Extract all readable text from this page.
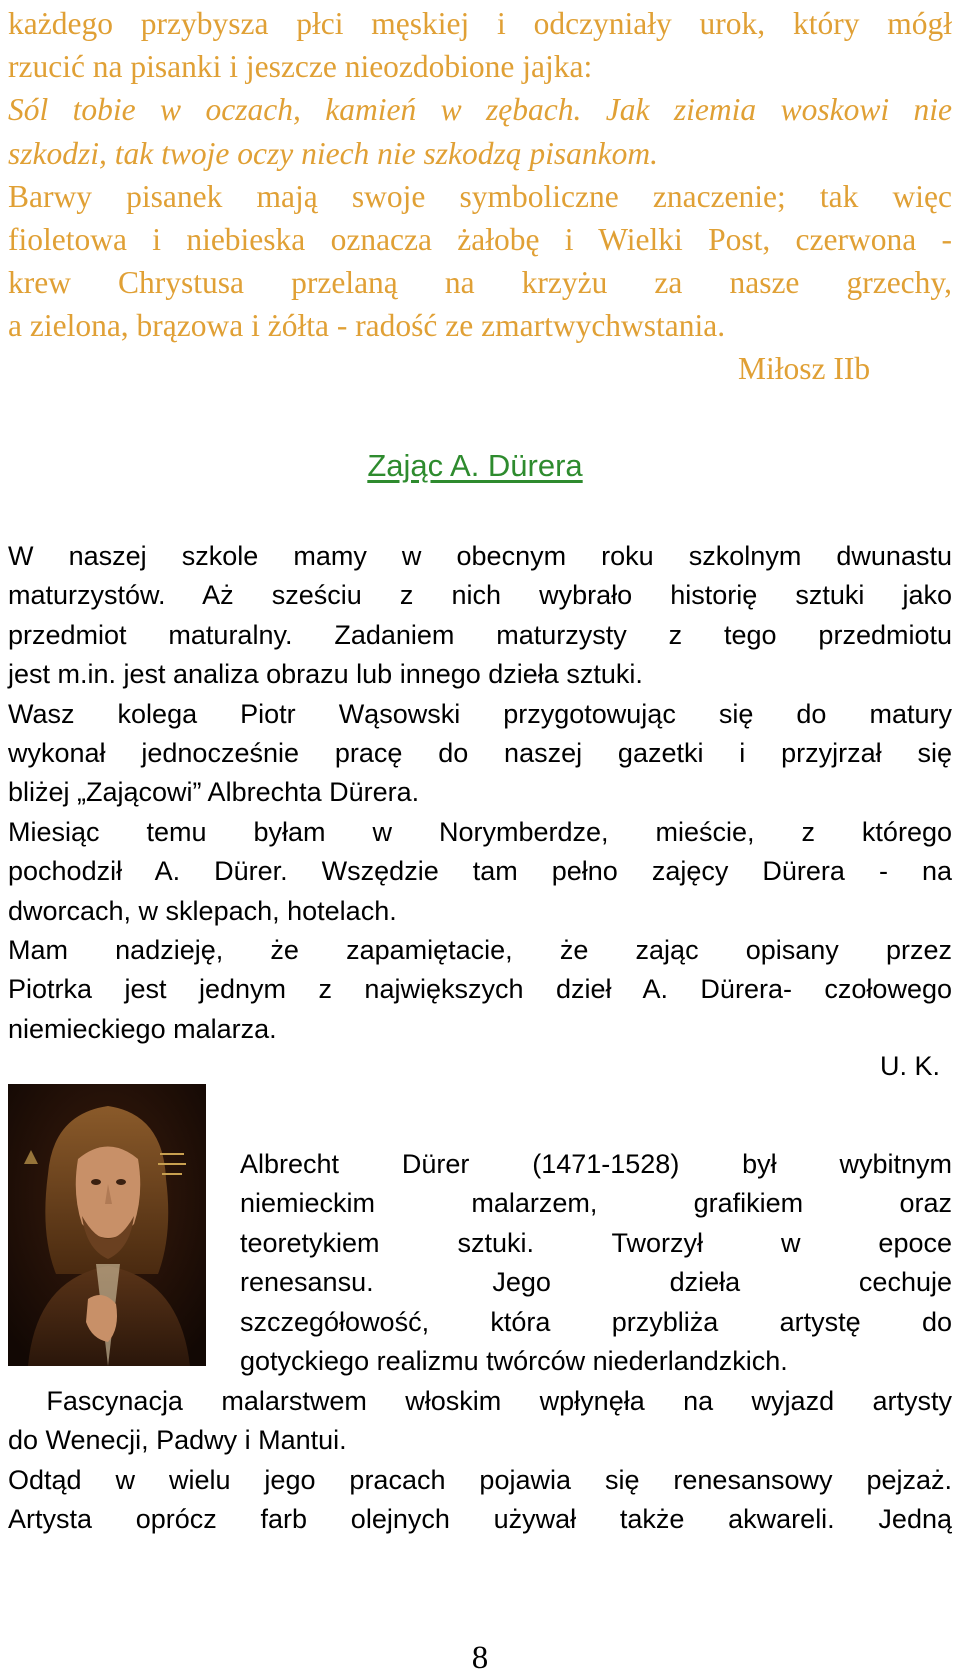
każdego przybysza płci męskiej i odczyniały urok, który mógł
rzucić na pisanki i jeszcze nieozdobione jajka:
Sól tobie w oczach, kamień w zębach. Jak ziemia woskowi nie
szkodzi, tak twoje oczy niech nie szkodzą pisankom.
Barwy pisanek mają swoje symboliczne znaczenie; tak więc
fioletowa i niebieska oznacza żałobę i Wielki Post, czerwona -
krew Chrystusa przelaną na krzyżu za nasze grzechy,
a zielona, brązowa i żółta - radość ze zmartwychwstania.
Miłosz IIb
Zając A. Dürera
W naszej szkole mamy w obecnym roku szkolnym dwunastu
maturzystów. Aż sześciu z nich wybrało historię sztuki jako
przedmiot maturalny. Zadaniem maturzysty z tego przedmiotu
jest m.in. jest analiza obrazu lub innego dzieła sztuki.
Wasz kolega Piotr Wąsowski przygotowując się do matury
wykonał jednocześnie pracę do naszej gazetki i przyjrzał się
bliżej „Zającowi” Albrechta Dürera.
Miesiąc temu byłam w Norymberdze, mieście, z którego
pochodził A. Dürer. Wszędzie tam pełno zajęcy Dürera - na
dworcach, w sklepach, hotelach.
Mam nadzieję, że zapamiętacie, że zając opisany przez
Piotrka jest jednym z największych dzieł A. Dürera- czołowego
niemieckiego malarza.
U. K.
Albrecht Dürer (1471-1528) był wybitnym
niemieckim malarzem, grafikiem oraz
teoretykiem sztuki. Tworzył w epoce
renesansu. Jego dzieła cechuje
szczegółowość, która przybliża artystę do
gotyckiego realizmu twórców niederlandzkich.
Fascynacja malarstwem włoskim wpłynęła na wyjazd artysty
do Wenecji, Padwy i Mantui.
Odtąd w wielu jego pracach pojawia się renesansowy pejzaż.
Artysta oprócz farb olejnych używał także akwareli. Jedną
8
